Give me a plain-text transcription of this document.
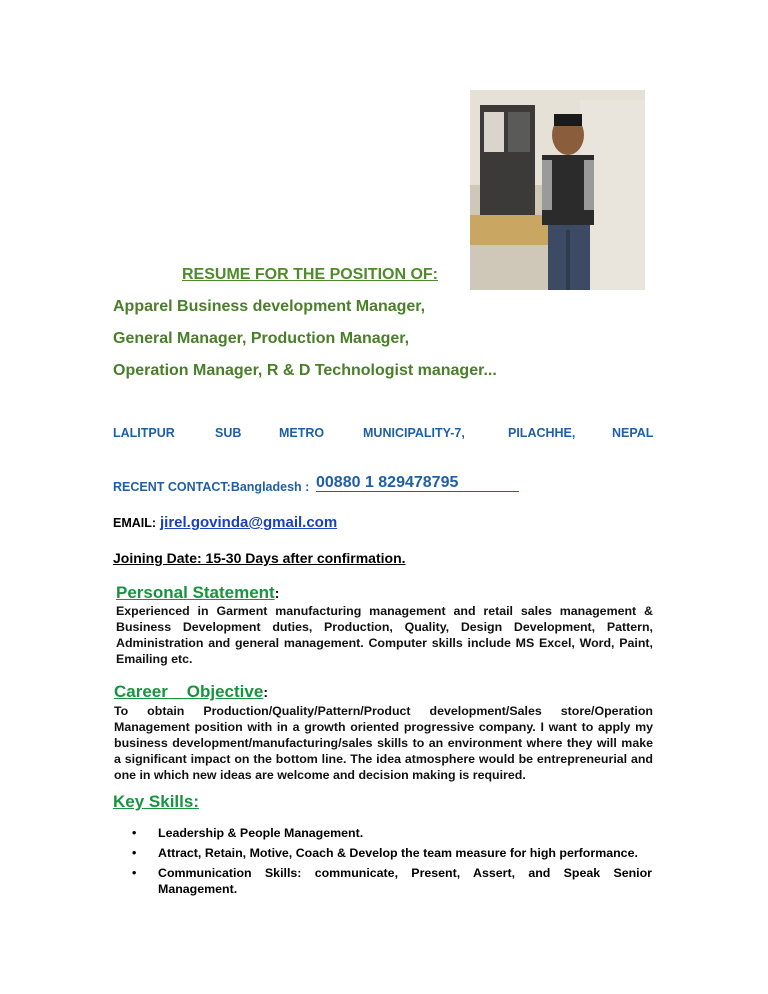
RESUME FOR THE POSITION OF:
Apparel Business development Manager,
General Manager, Production Manager,
Operation Manager, R & D Technologist manager...
LALITPUR	SUB	METRO	MUNICIPALITY-7,	PILACHHE,	NEPAL
RECENT CONTACT:Bangladesh : 00880 1 829478795
EMAIL: jirel.govinda@gmail.com
Joining Date: 15-30 Days after confirmation.
Personal Statement:
Experienced in Garment manufacturing management and retail sales management & Business Development duties, Production, Quality, Design Development, Pattern, Administration and general management. Computer skills include MS Excel, Word, Paint, Emailing etc.
Career _ Objective:
To obtain Production/Quality/Pattern/Product development/Sales store/Operation Management position with in a growth oriented progressive company. I want to apply my business development/manufacturing/sales skills to an environment where they will make a significant impact on the bottom line. The idea atmosphere would be entrepreneurial and one in which new ideas are welcome and decision making is required.
Key Skills:
• Leadership & People Management.
• Attract, Retain, Motive, Coach & Develop the team measure for high performance.
• Communication Skills: communicate, Present, Assert, and Speak Senior Management.
